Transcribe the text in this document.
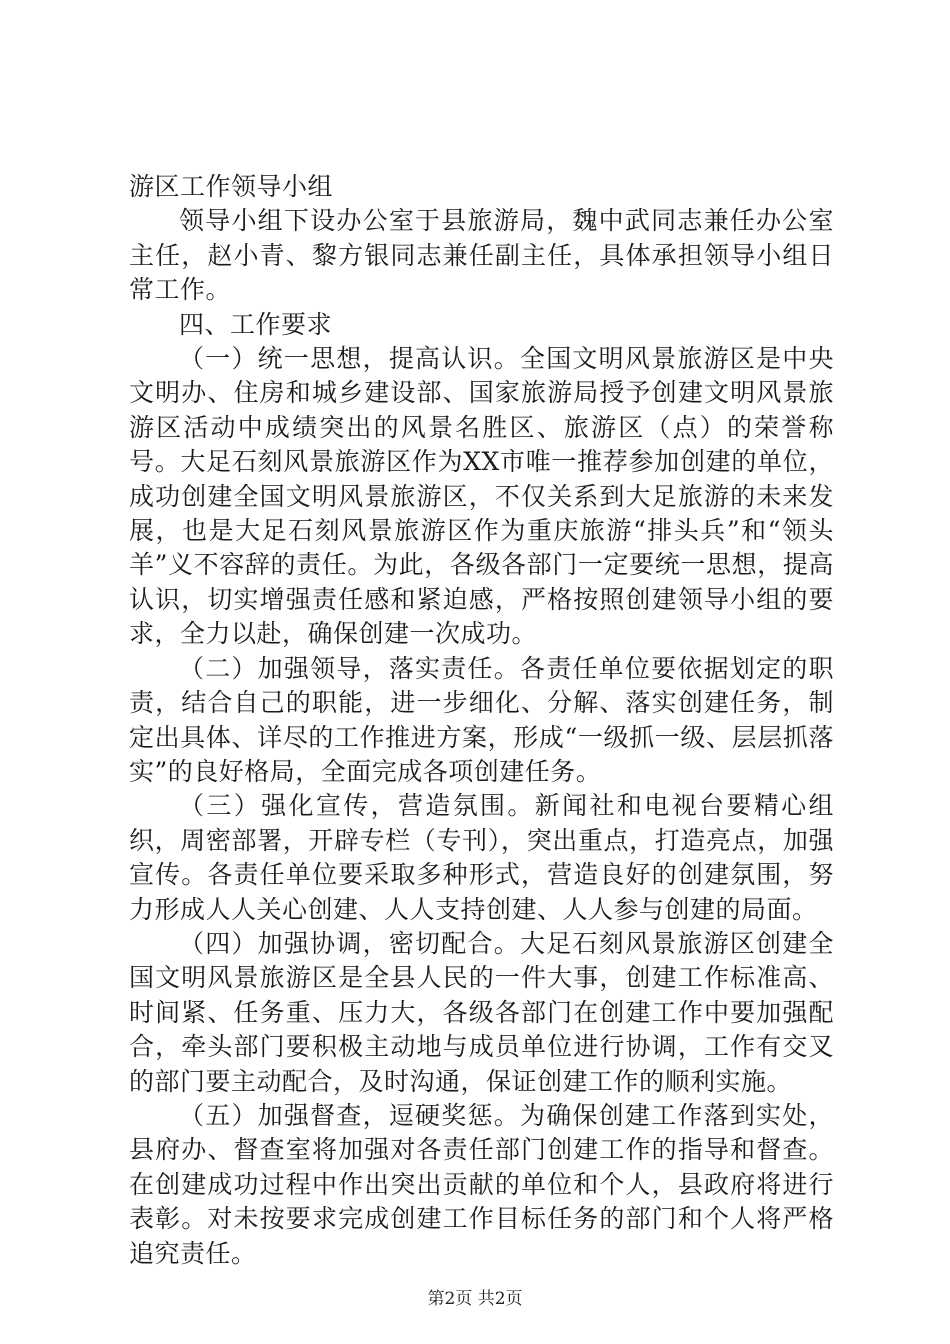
游区工作领导小组

领导小组下设办公室于县旅游局，魏中武同志兼任办公室主任，赵小青、黎方银同志兼任副主任，具体承担领导小组日常工作。

四、工作要求

（一）统一思想，提高认识。全国文明风景旅游区是中央文明办、住房和城乡建设部、国家旅游局授予创建文明风景旅游区活动中成绩突出的风景名胜区、旅游区（点）的荣誉称号。大足石刻风景旅游区作为XX市唯一推荐参加创建的单位，成功创建全国文明风景旅游区，不仅关系到大足旅游的未来发展，也是大足石刻风景旅游区作为重庆旅游“排头兵”和“领头羊”义不容辞的责任。为此，各级各部门一定要统一思想，提高认识，切实增强责任感和紧迫感，严格按照创建领导小组的要求，全力以赴，确保创建一次成功。

（二）加强领导，落实责任。各责任单位要依据划定的职责，结合自己的职能，进一步细化、分解、落实创建任务，制定出具体、详尽的工作推进方案，形成“一级抓一级、层层抓落实”的良好格局，全面完成各项创建任务。

（三）强化宣传，营造氛围。新闻社和电视台要精心组织，周密部署，开辟专栏（专刊），突出重点，打造亮点，加强宣传。各责任单位要采取多种形式，营造良好的创建氛围，努力形成人人关心创建、人人支持创建、人人参与创建的局面。

（四）加强协调，密切配合。大足石刻风景旅游区创建全国文明风景旅游区是全县人民的一件大事，创建工作标准高、时间紧、任务重、压力大，各级各部门在创建工作中要加强配合，牵头部门要积极主动地与成员单位进行协调，工作有交叉的部门要主动配合，及时沟通，保证创建工作的顺利实施。

（五）加强督查，逗硬奖惩。为确保创建工作落到实处，县府办、督查室将加强对各责任部门创建工作的指导和督查。在创建成功过程中作出突出贡献的单位和个人，县政府将进行表彰。对未按要求完成创建工作目标任务的部门和个人将严格追究责任。

第2页 共2页
